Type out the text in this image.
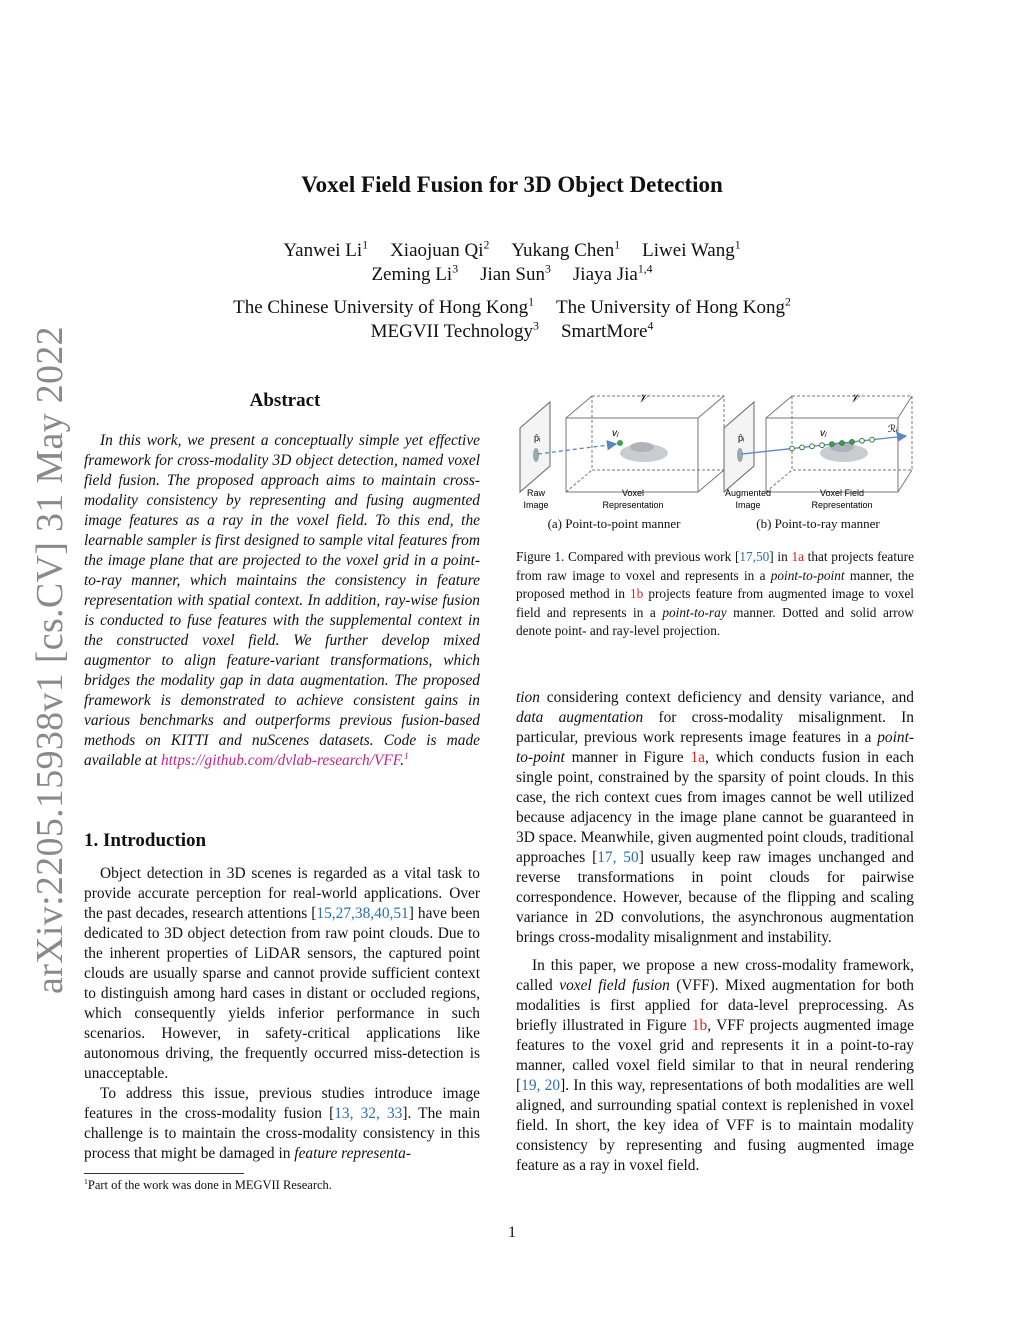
arXiv:2205.15938v1 [cs.CV] 31 May 2022
Voxel Field Fusion for 3D Object Detection
Yanwei Li$^1$ Xiaojuan Qi$^2$ Yukang Chen$^1$ Liwei Wang$^1$
Zeming Li$^3$ Jian Sun$^3$ Jiaya Jia$^{1,4}$
The Chinese University of Hong Kong$^1$ The University of Hong Kong$^2$
MEGVII Technology$^3$ SmartMore$^4$
Abstract

In this work, we present a conceptually simple yet effective framework for cross-modality 3D object detection, named voxel field fusion. The proposed approach aims to maintain cross-modality consistency by representing and fusing augmented image features as a ray in the voxel field. To this end, the learnable sampler is first designed to sample vital features from the image plane that are projected to the voxel grid in a point-to-ray manner, which maintains the consistency in feature representation with spatial context. In addition, ray-wise fusion is conducted to fuse features with the supplemental context in the constructed voxel field. We further develop mixed augmentor to align feature-variant transformations, which bridges the modality gap in data augmentation. The proposed framework is demonstrated to achieve consistent gains in various benchmarks and outperforms previous fusion-based methods on KITTI and nuScenes datasets. Code is made available at https://github.com/dvlab-research/VFF.$^1$

1. Introduction

Object detection in 3D scenes is regarded as a vital task to provide accurate perception for real-world applications. Over the past decades, research attentions [15,27,38,40,51] have been dedicated to 3D object detection from raw point clouds. Due to the inherent properties of LiDAR sensors, the captured point clouds are usually sparse and cannot provide sufficient context to distinguish among hard cases in distant or occluded regions, which consequently yields inferior performance in such scenarios. However, in safety-critical applications like autonomous driving, the frequently occurred miss-detection is unacceptable.

To address this issue, previous studies introduce image features in the cross-modality fusion [13, 32, 33]. The main challenge is to maintain the cross-modality consistency in this process that might be damaged in feature representa-

$^1$Part of the work was done in MEGVII Research.
𝒱
p̂ᵢ	vⱼ
Raw
Image
Voxel
Representation
𝒱
p̂ᵢ	vⱼ	ℛᵢ
Augmented
Image
Voxel Field
Representation
(a) Point-to-point manner	(b) Point-to-ray manner
Figure 1. Compared with previous work [17,50] in 1a that projects feature from raw image to voxel and represents in a point-to-point manner, the proposed method in 1b projects feature from augmented image to voxel field and represents in a point-to-ray manner. Dotted and solid arrow denote point- and ray-level projection.

tion considering context deficiency and density variance, and data augmentation for cross-modality misalignment. In particular, previous work represents image features in a point-to-point manner in Figure 1a, which conducts fusion in each single point, constrained by the sparsity of point clouds. In this case, the rich context cues from images cannot be well utilized because adjacency in the image plane cannot be guaranteed in 3D space. Meanwhile, given augmented point clouds, traditional approaches [17, 50] usually keep raw images unchanged and reverse transformations in point clouds for pairwise correspondence. However, because of the flipping and scaling variance in 2D convolutions, the asynchronous augmentation brings cross-modality misalignment and instability.

In this paper, we propose a new cross-modality framework, called voxel field fusion (VFF). Mixed augmentation for both modalities is first applied for data-level preprocessing. As briefly illustrated in Figure 1b, VFF projects augmented image features to the voxel grid and represents it in a point-to-ray manner, called voxel field similar to that in neural rendering [19, 20]. In this way, representations of both modalities are well aligned, and surrounding spatial context is replenished in voxel field. In short, the key idea of VFF is to maintain modality consistency by representing and fusing augmented image feature as a ray in voxel field.

1
